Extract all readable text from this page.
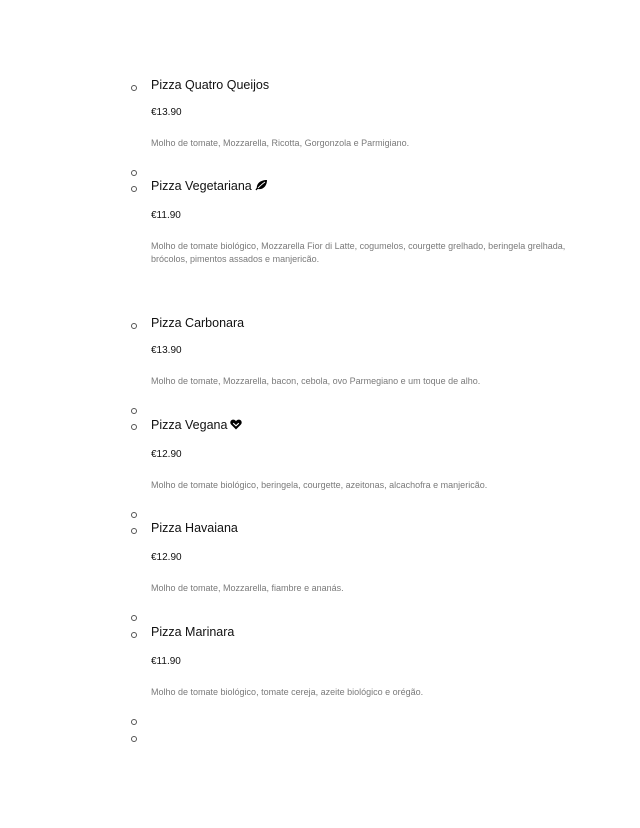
Pizza Quatro Queijos
€13.90
Molho de tomate, Mozzarella, Ricotta, Gorgonzola e Parmigiano.
Pizza Vegetariana
€11.90
Molho de tomate biológico, Mozzarella Fior di Latte, cogumelos, courgette grelhado, beringela grelhada, brócolos, pimentos assados e manjericão.
Pizza Carbonara
€13.90
Molho de tomate, Mozzarella, bacon, cebola, ovo Parmegiano e um toque de alho.
Pizza Vegana
€12.90
Molho de tomate biológico, beringela, courgette, azeitonas, alcachofra e manjericão.
Pizza Havaiana
€12.90
Molho de tomate, Mozzarella, fiambre e ananás.
Pizza Marinara
€11.90
Molho de tomate biológico, tomate cereja, azeite biológico e orégão.
